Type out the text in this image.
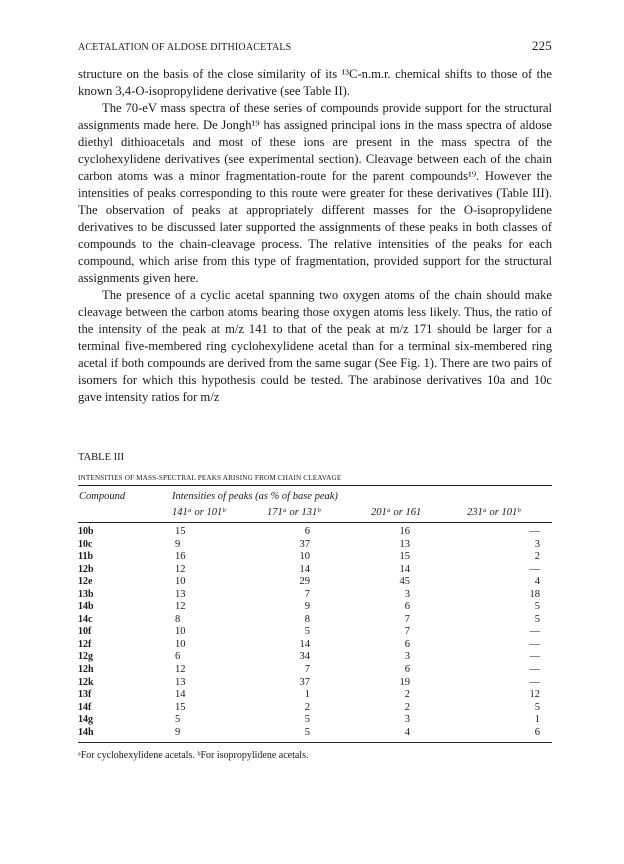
ACETALATION OF ALDOSE DITHIOACETALS	225

structure on the basis of the close similarity of its ¹³C-n.m.r. chemical shifts to those of the known 3,4-O-isopropylidene derivative (see Table II).

The 70-eV mass spectra of these series of compounds provide support for the structural assignments made here. De Jongh¹⁹ has assigned principal ions in the mass spectra of aldose diethyl dithioacetals and most of these ions are present in the mass spectra of the cyclohexylidene derivatives (see experimental section). Cleavage between each of the chain carbon atoms was a minor fragmentation-route for the parent compounds¹⁹. However the intensities of peaks corresponding to this route were greater for these derivatives (Table III). The observation of peaks at appropriately different masses for the O-isopropylidene derivatives to be discussed later supported the assignments of these peaks in both classes of compounds to the chain-cleavage process. The relative intensities of the peaks for each compound, which arise from this type of fragmentation, provided support for the structural assignments given here.

The presence of a cyclic acetal spanning two oxygen atoms of the chain should make cleavage between the carbon atoms bearing those oxygen atoms less likely. Thus, the ratio of the intensity of the peak at m/z 141 to that of the peak at m/z 171 should be larger for a terminal five-membered ring cyclohexylidene acetal than for a terminal six-membered ring acetal if both compounds are derived from the same sugar (See Fig. 1). There are two pairs of isomers for which this hypothesis could be tested. The arabinose derivatives 10a and 10c gave intensity ratios for m/z

TABLE III
INTENSITIES OF MASS-SPECTRAL PEAKS ARISING FROM CHAIN CLEAVAGE
Compound	Intensities of peaks (as % of base peak)			
	141ᵃ or 101ᵇ	171ᵃ or 131ᵇ	201ᵃ or 161	231ᵃ or 101ᵇ
10b	15	6	16	—
10c	9	37	13	3
11b	16	10	15	2
12b	12	14	14	—
12e	10	29	45	4
13b	13	7	3	18
14b	12	9	6	5
14c	8	8	7	5
10f	10	5	7	—
12f	10	14	6	—
12g	6	34	3	—
12h	12	7	6	—
12k	13	37	19	—
13f	14	1	2	12
14f	15	2	2	5
14g	5	5	3	1
14h	9	5	4	6
ᵃFor cyclohexylidene acetals. ᵇFor isopropylidene acetals.
